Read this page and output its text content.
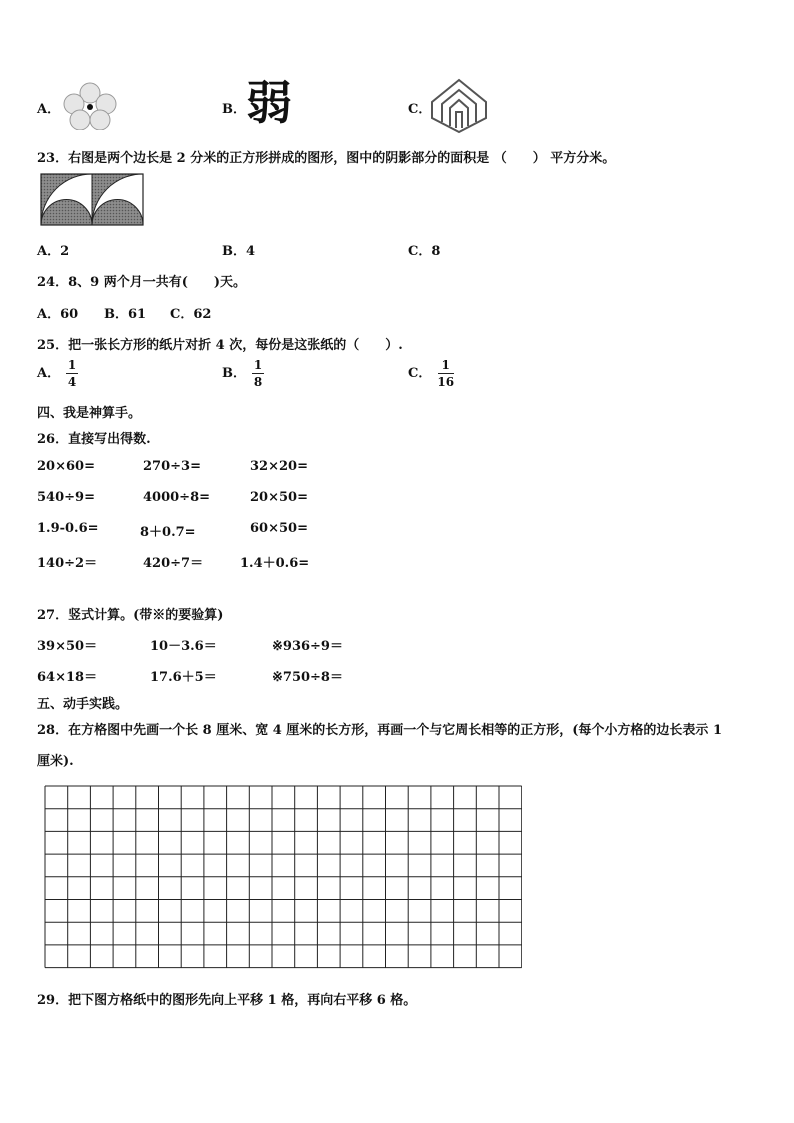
A．	B． 弱	C．
23．右图是两个边长是 2 分米的正方形拼成的图形，图中的阴影部分的面积是 （　　） 平方分米。
A．2	B．4	C．8
24．8、9 两个月一共有(　　)天。
A．60 B．61 C．62
25．把一张长方形的纸片对折 4 次，每份是这张纸的（　　）.
A． $\frac{1}{4}$	B． $\frac{1}{8}$	C． $\frac{1}{16}$
四、我是神算手。
26．直接写出得数.
20×60=	270÷3=	32×20=
540÷9=	4000÷8=	20×50=
1.9-0.6=	8＋0.7=	60×50=
140÷2＝	420÷7＝	1.4＋0.6=
27．竖式计算。(带※的要验算)
39×50＝	10－3.6＝	※936÷9＝
64×18＝	17.6＋5＝	※750÷8＝
五、动手实践。
28．在方格图中先画一个长 8 厘米、宽 4 厘米的长方形，再画一个与它周长相等的正方形，(每个小方格的边长表示 1
厘米).
29．把下图方格纸中的图形先向上平移 1 格，再向右平移 6 格。
